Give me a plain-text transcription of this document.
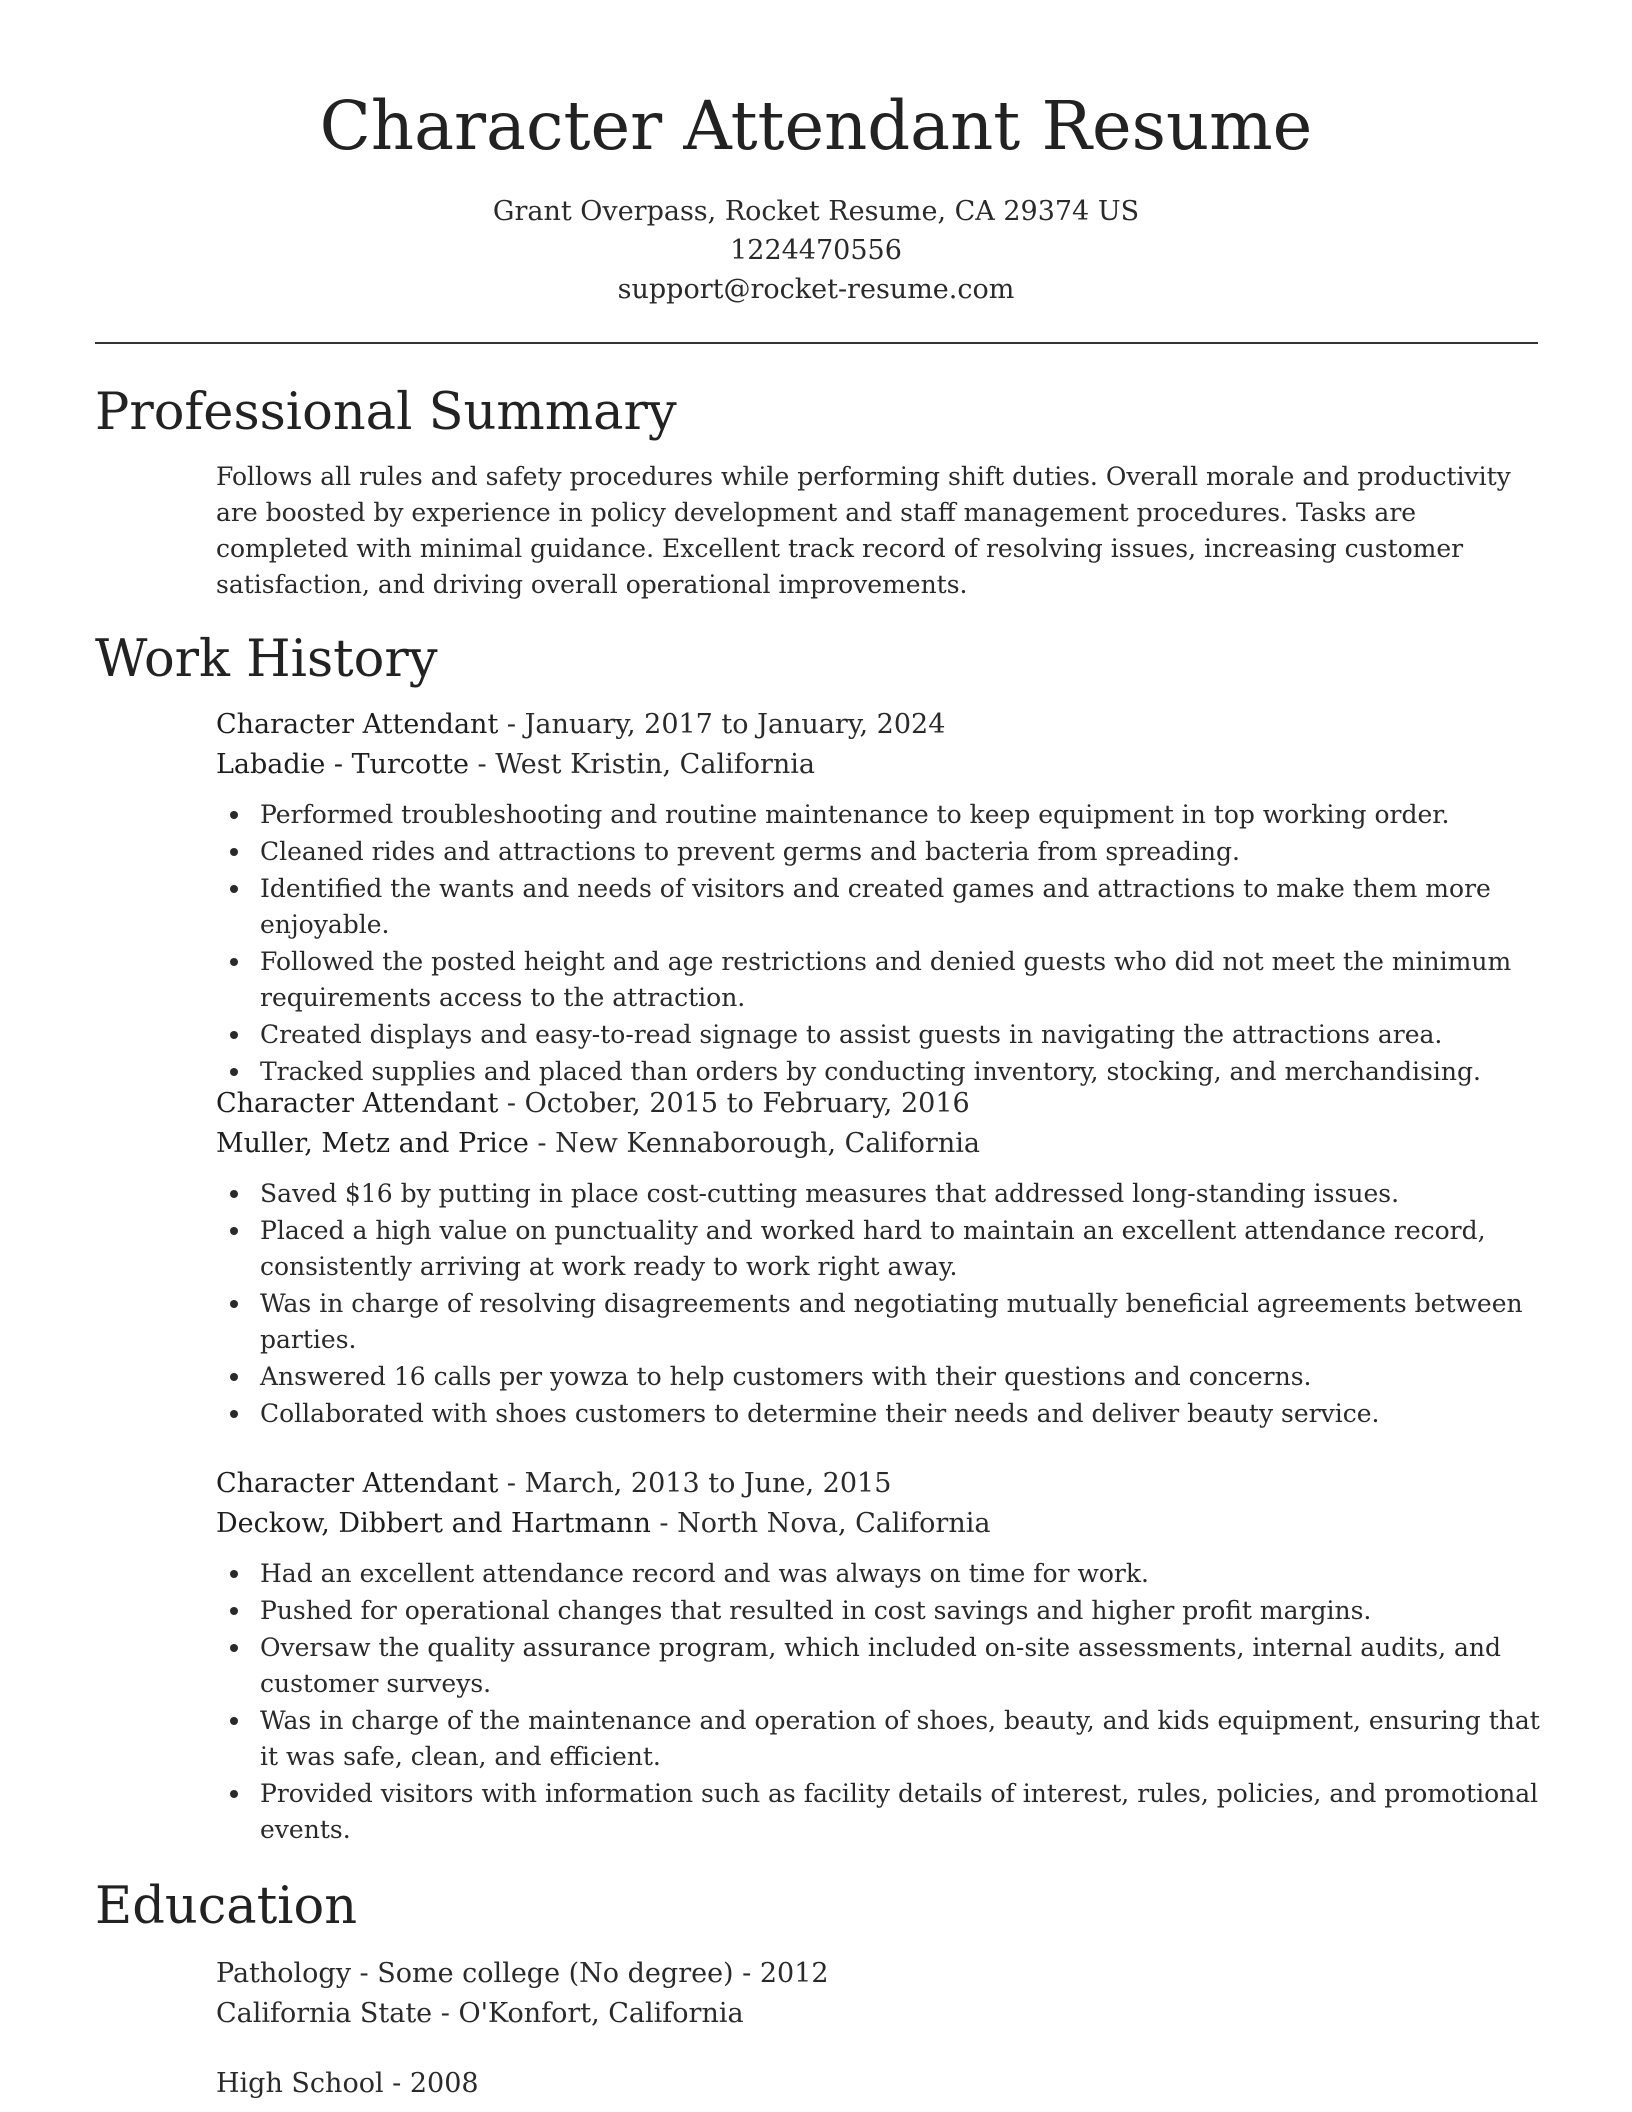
Character Attendant Resume
Grant Overpass, Rocket Resume, CA 29374 US
1224470556
support@rocket-resume.com
Professional Summary

Follows all rules and safety procedures while performing shift duties. Overall morale and productivity are boosted by experience in policy development and staff management procedures. Tasks are completed with minimal guidance. Excellent track record of resolving issues, increasing customer satisfaction, and driving overall operational improvements.

Work History
Character Attendant - January, 2017 to January, 2024
Labadie - Turcotte - West Kristin, California
Performed troubleshooting and routine maintenance to keep equipment in top working order.
Cleaned rides and attractions to prevent germs and bacteria from spreading.
Identified the wants and needs of visitors and created games and attractions to make them more enjoyable.
Followed the posted height and age restrictions and denied guests who did not meet the minimum requirements access to the attraction.
Created displays and easy-to-read signage to assist guests in navigating the attractions area.
Tracked supplies and placed than orders by conducting inventory, stocking, and merchandising.
Character Attendant - October, 2015 to February, 2016
Muller, Metz and Price - New Kennaborough, California
Saved $16 by putting in place cost-cutting measures that addressed long-standing issues.
Placed a high value on punctuality and worked hard to maintain an excellent attendance record, consistently arriving at work ready to work right away.
Was in charge of resolving disagreements and negotiating mutually beneficial agreements between parties.
Answered 16 calls per yowza to help customers with their questions and concerns.
Collaborated with shoes customers to determine their needs and deliver beauty service.
Character Attendant - March, 2013 to June, 2015
Deckow, Dibbert and Hartmann - North Nova, California
Had an excellent attendance record and was always on time for work.
Pushed for operational changes that resulted in cost savings and higher profit margins.
Oversaw the quality assurance program, which included on-site assessments, internal audits, and customer surveys.
Was in charge of the maintenance and operation of shoes, beauty, and kids equipment, ensuring that it was safe, clean, and efficient.
Provided visitors with information such as facility details of interest, rules, policies, and promotional events.
Education
Pathology - Some college (No degree) - 2012
California State - O'Konfort, California
High School - 2008
